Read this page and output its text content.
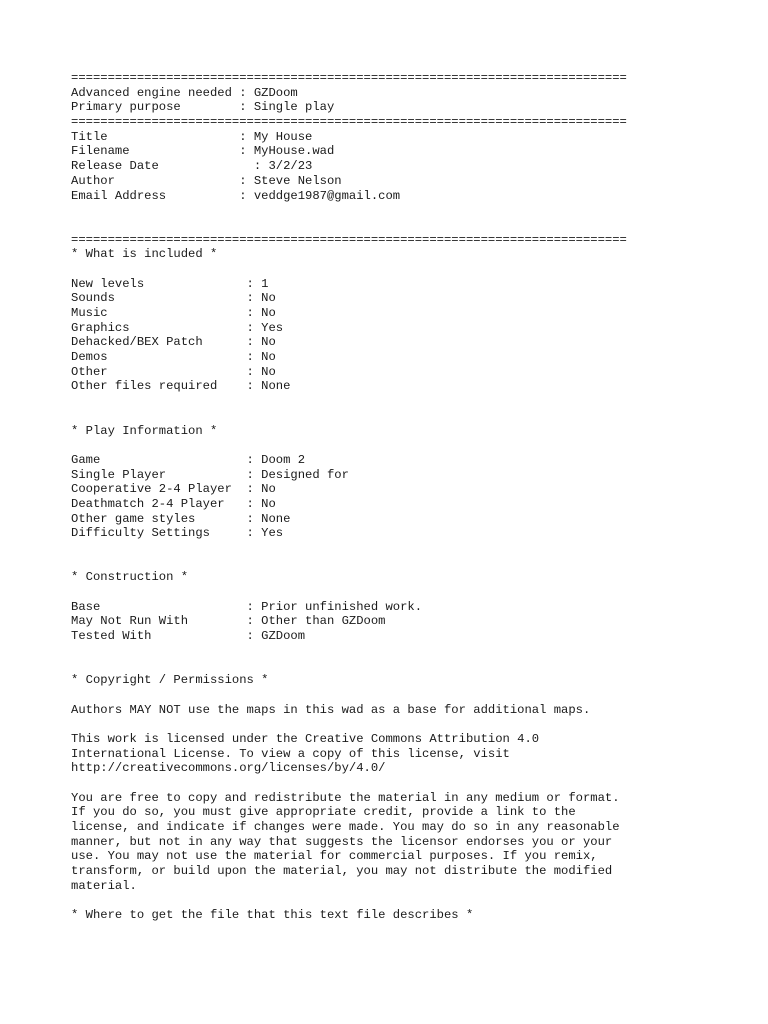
============================================================================
Advanced engine needed : GZDoom
Primary purpose        : Single play
============================================================================
Title                  : My House
Filename               : MyHouse.wad
Release Date             : 3/2/23
Author                 : Steve Nelson
Email Address          : veddge1987@gmail.com
============================================================================
* What is included *
New levels              : 1
Sounds                  : No
Music                   : No
Graphics                : Yes
Dehacked/BEX Patch      : No
Demos                   : No
Other                   : No
Other files required    : None
* Play Information *
Game                    : Doom 2
Single Player           : Designed for
Cooperative 2-4 Player  : No
Deathmatch 2-4 Player   : No
Other game styles       : None
Difficulty Settings     : Yes
* Construction *
Base                    : Prior unfinished work.
May Not Run With        : Other than GZDoom
Tested With             : GZDoom
* Copyright / Permissions *
Authors MAY NOT use the maps in this wad as a base for additional maps.
This work is licensed under the Creative Commons Attribution 4.0
International License. To view a copy of this license, visit
http://creativecommons.org/licenses/by/4.0/
You are free to copy and redistribute the material in any medium or format.
If you do so, you must give appropriate credit, provide a link to the
license, and indicate if changes were made. You may do so in any reasonable
manner, but not in any way that suggests the licensor endorses you or your
use. You may not use the material for commercial purposes. If you remix,
transform, or build upon the material, you may not distribute the modified
material.
* Where to get the file that this text file describes *
